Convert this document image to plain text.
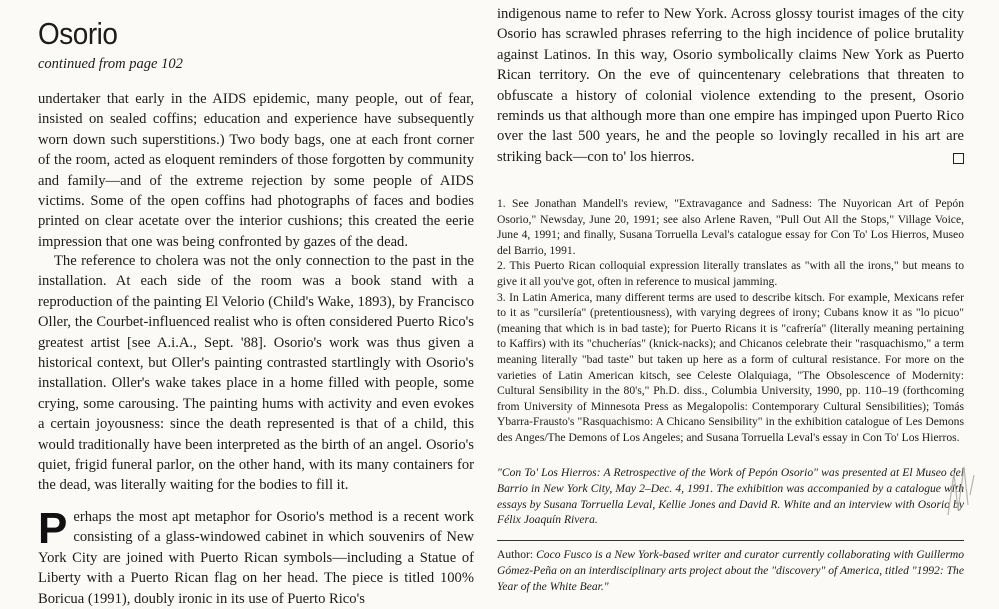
Osorio
continued from page 102

undertaker that early in the AIDS epidemic, many people, out of fear, insisted on sealed coffins; education and experience have subsequently worn down such superstitions.) Two body bags, one at each front corner of the room, acted as eloquent reminders of those forgotten by community and family—and of the extreme rejection by some people of AIDS victims. Some of the open coffins had photographs of faces and bodies printed on clear acetate over the interior cushions; this created the eerie impression that one was being confronted by gazes of the dead.

The reference to cholera was not the only connection to the past in the installation. At each side of the room was a book stand with a reproduction of the painting El Velorio (Child's Wake, 1893), by Francisco Oller, the Courbet-influenced realist who is often considered Puerto Rico's greatest artist [see A.i.A., Sept. '88]. Osorio's work was thus given a historical context, but Oller's painting contrasted startlingly with Osorio's installation. Oller's wake takes place in a home filled with people, some crying, some carousing. The painting hums with activity and even evokes a certain joyousness: since the death represented is that of a child, this would traditionally have been interpreted as the birth of an angel. Osorio's quiet, frigid funeral parlor, on the other hand, with its many containers for the dead, was literally waiting for the bodies to fill it.

Perhaps the most apt metaphor for Osorio's method is a recent work consisting of a glass-windowed cabinet in which souvenirs of New York City are joined with Puerto Rican symbols—including a Statue of Liberty with a Puerto Rican flag on her head. The piece is titled 100% Boricua (1991), doubly ironic in its use of Puerto Rico's

indigenous name to refer to New York. Across glossy tourist images of the city Osorio has scrawled phrases referring to the high incidence of police brutality against Latinos. In this way, Osorio symbolically claims New York as Puerto Rican territory. On the eve of quincentenary celebrations that threaten to obfuscate a history of colonial violence extending to the present, Osorio reminds us that although more than one empire has impinged upon Puerto Rico over the last 500 years, he and the people so lovingly recalled in his art are striking back—con to' los hierros.

1. See Jonathan Mandell's review, "Extravagance and Sadness: The Nuyorican Art of Pepón Osorio," Newsday, June 20, 1991; see also Arlene Raven, "Pull Out All the Stops," Village Voice, June 4, 1991; and finally, Susana Torruella Leval's catalogue essay for Con To' Los Hierros, Museo del Barrio, 1991.

2. This Puerto Rican colloquial expression literally translates as "with all the irons," but means to give it all you've got, often in reference to musical jamming.

3. In Latin America, many different terms are used to describe kitsch. For example, Mexicans refer to it as "cursilería" (pretentiousness), with varying degrees of irony; Cubans know it as "lo picuo" (meaning that which is in bad taste); for Puerto Ricans it is "cafrería" (literally meaning pertaining to Kaffirs) with its "chucherías" (knick-nacks); and Chicanos celebrate their "rasquachismo," a term meaning literally "bad taste" but taken up here as a form of cultural resistance. For more on the varieties of Latin American kitsch, see Celeste Olalquiaga, "The Obsolescence of Modernity: Cultural Sensibility in the 80's," Ph.D. diss., Columbia University, 1990, pp. 110–19 (forthcoming from University of Minnesota Press as Megalopolis: Contemporary Cultural Sensibilities); Tomás Ybarra-Frausto's "Rasquachismo: A Chicano Sensibility" in the exhibition catalogue of Les Demons des Anges/The Demons of Los Angeles; and Susana Torruella Leval's essay in Con To' Los Hierros.

"Con To' Los Hierros: A Retrospective of the Work of Pepón Osorio" was presented at El Museo del Barrio in New York City, May 2–Dec. 4, 1991. The exhibition was accompanied by a catalogue with essays by Susana Torruella Leval, Kellie Jones and David R. White and an interview with Osorio by Félix Joaquín Rivera.

Author: Coco Fusco is a New York-based writer and curator currently collaborating with Guillermo Gómez-Peña on an interdisciplinary arts project about the "discovery" of America, titled "1992: The Year of the White Bear."
